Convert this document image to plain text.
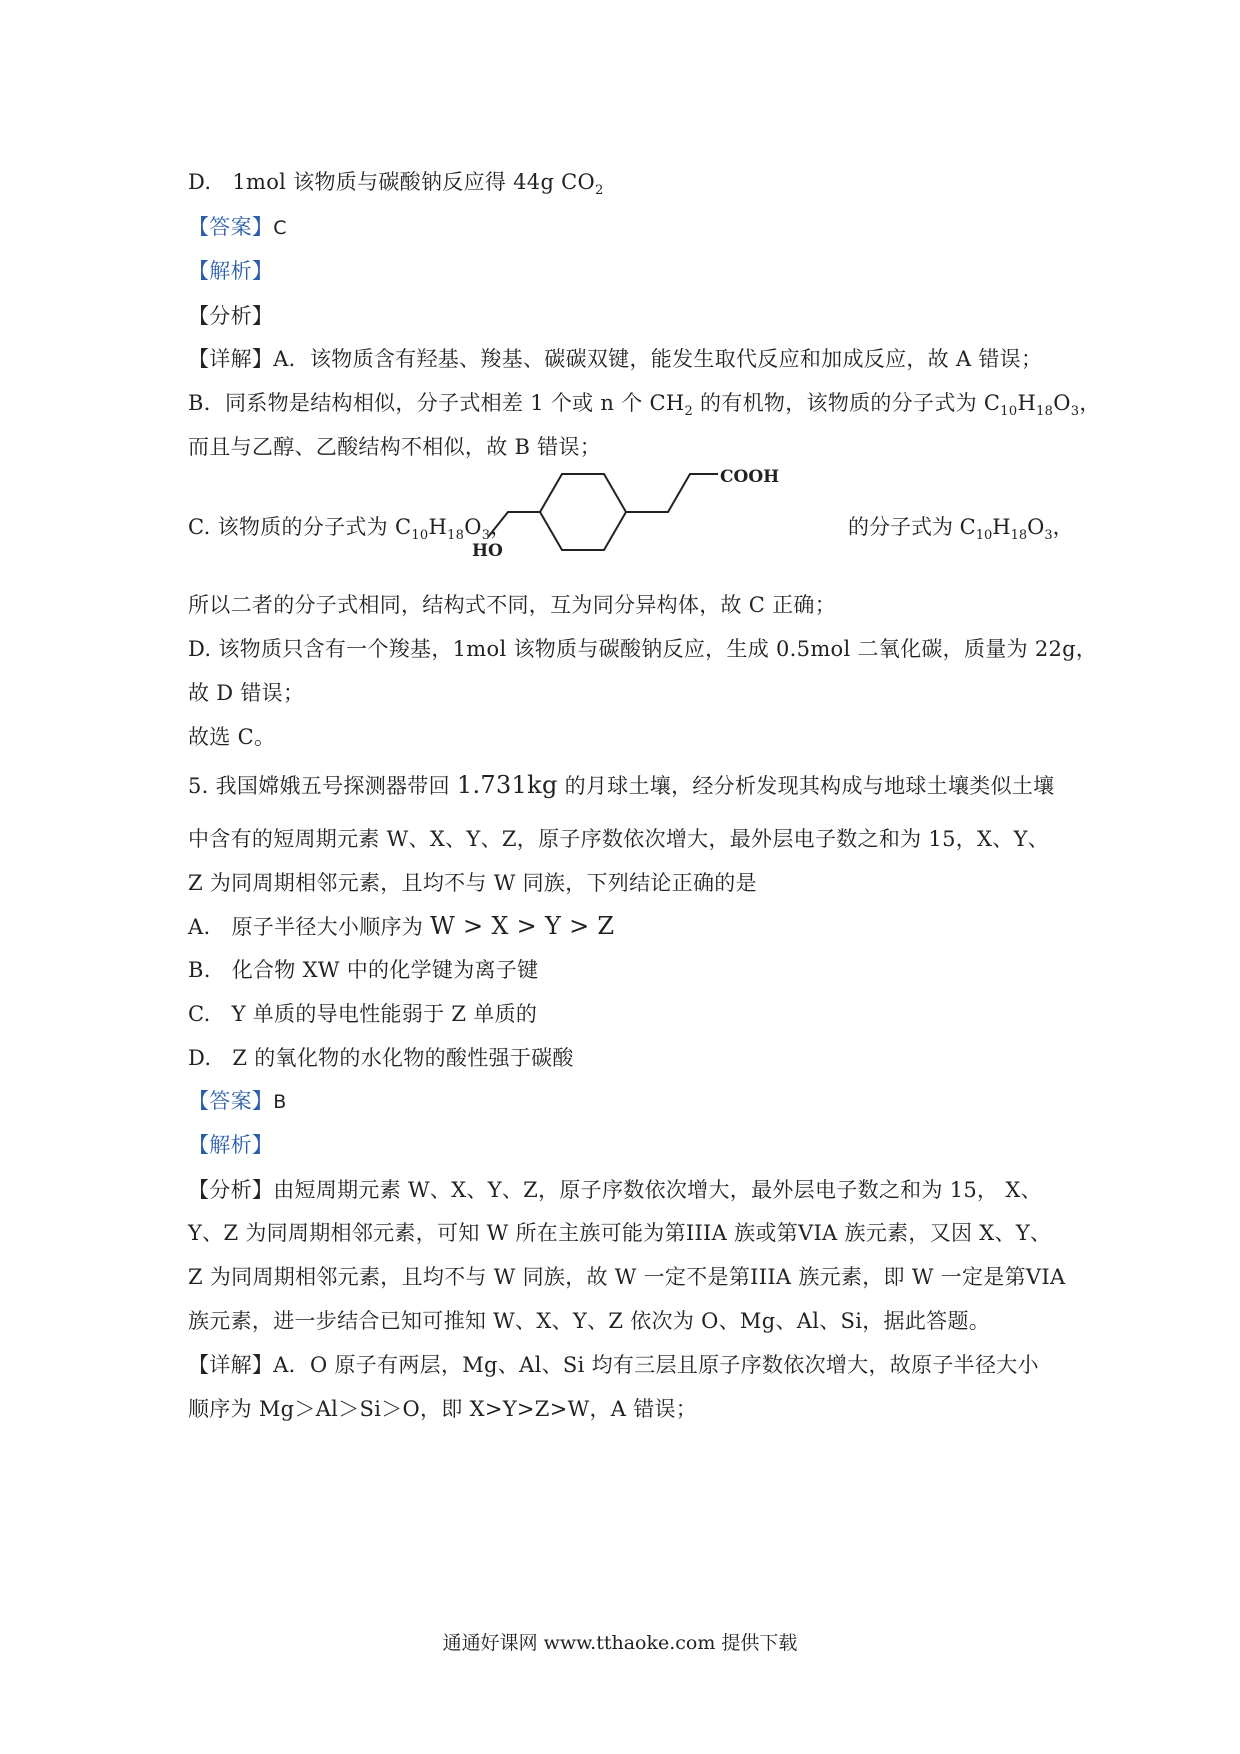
D. 1mol 该物质与碳酸钠反应得 44g $CO_2$
【答案】C
【解析】
【分析】
【详解】A．该物质含有羟基、羧基、碳碳双键，能发生取代反应和加成反应，故 A 错误；
B．同系物是结构相似，分子式相差 1 个或 n 个 $CH_2$ 的有机物，该物质的分子式为 $C_{10}H_{18}O_3$，
而且与乙醇、乙酸结构不相似，故 B 错误；
C. 该物质的分子式为 $C_{10}H_{18}O_3$，
COOH
HO
的分子式为 $C_{10}H_{18}O_3$，
所以二者的分子式相同，结构式不同，互为同分异构体，故 C 正确；
D. 该物质只含有一个羧基，1mol 该物质与碳酸钠反应，生成 0.5mol 二氧化碳，质量为 22g，
故 D 错误；
故选 C。
5. 我国嫦娥五号探测器带回 1.731kg 的月球土壤，经分析发现其构成与地球土壤类似土壤
中含有的短周期元素 W、X、Y、Z，原子序数依次增大，最外层电子数之和为 15，X、Y、
Z 为同周期相邻元素，且均不与 W 同族，下列结论正确的是
A. 原子半径大小顺序为 W > X > Y > Z
B. 化合物 XW 中的化学键为离子键
C. Y 单质的导电性能弱于 Z 单质的
D. Z 的氧化物的水化物的酸性强于碳酸
【答案】B
【解析】
【分析】由短周期元素 W、X、Y、Z，原子序数依次增大，最外层电子数之和为 15， X、
Y、Z 为同周期相邻元素，可知 W 所在主族可能为第IIIA 族或第VIA 族元素，又因 X、Y、
Z 为同周期相邻元素，且均不与 W 同族，故 W 一定不是第IIIA 族元素，即 W 一定是第VIA
族元素，进一步结合已知可推知 W、X、Y、Z 依次为 O、Mg、Al、Si，据此答题。
【详解】A．O 原子有两层，Mg、Al、Si 均有三层且原子序数依次增大，故原子半径大小
顺序为 Mg＞Al＞Si＞O，即 X>Y>Z>W，A 错误；
通通好课网 www.tthaoke.com 提供下载
